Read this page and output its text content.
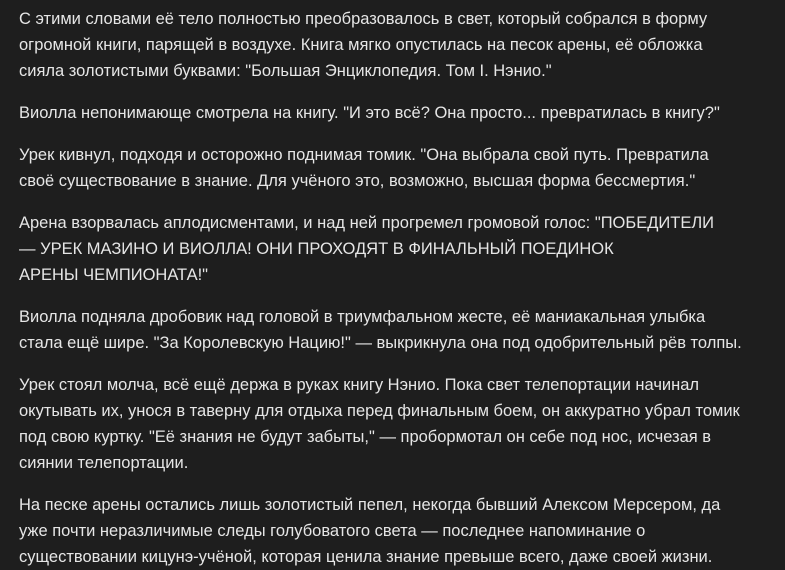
С этими словами её тело полностью преобразовалось в свет, который собрался в форму
огромной книги, парящей в воздухе. Книга мягко опустилась на песок арены, её обложка
сияла золотистыми буквами: "Большая Энциклопедия. Том I. Нэнио."

Виолла непонимающе смотрела на книгу. "И это всё? Она просто... превратилась в книгу?"

Урек кивнул, подходя и осторожно поднимая томик. "Она выбрала свой путь. Превратила
своё существование в знание. Для учёного это, возможно, высшая форма бессмертия."

Арена взорвалась аплодисментами, и над ней прогремел громовой голос: "ПОБЕДИТЕЛИ
— УРЕК МАЗИНО И ВИОЛЛА! ОНИ ПРОХОДЯТ В ФИНАЛЬНЫЙ ПОЕДИНОК
АРЕНЫ ЧЕМПИОНАТА!"

Виолла подняла дробовик над головой в триумфальном жесте, её маниакальная улыбка
стала ещё шире. "За Королевскую Нацию!" — выкрикнула она под одобрительный рёв толпы.

Урек стоял молча, всё ещё держа в руках книгу Нэнио. Пока свет телепортации начинал
окутывать их, унося в таверну для отдыха перед финальным боем, он аккуратно убрал томик
под свою куртку. "Её знания не будут забыты," — пробормотал он себе под нос, исчезая в
сиянии телепортации.

На песке арены остались лишь золотистый пепел, некогда бывший Алексом Мерсером, да
уже почти неразличимые следы голубоватого света — последнее напоминание о
существовании кицунэ-учёной, которая ценила знание превыше всего, даже своей жизни.
